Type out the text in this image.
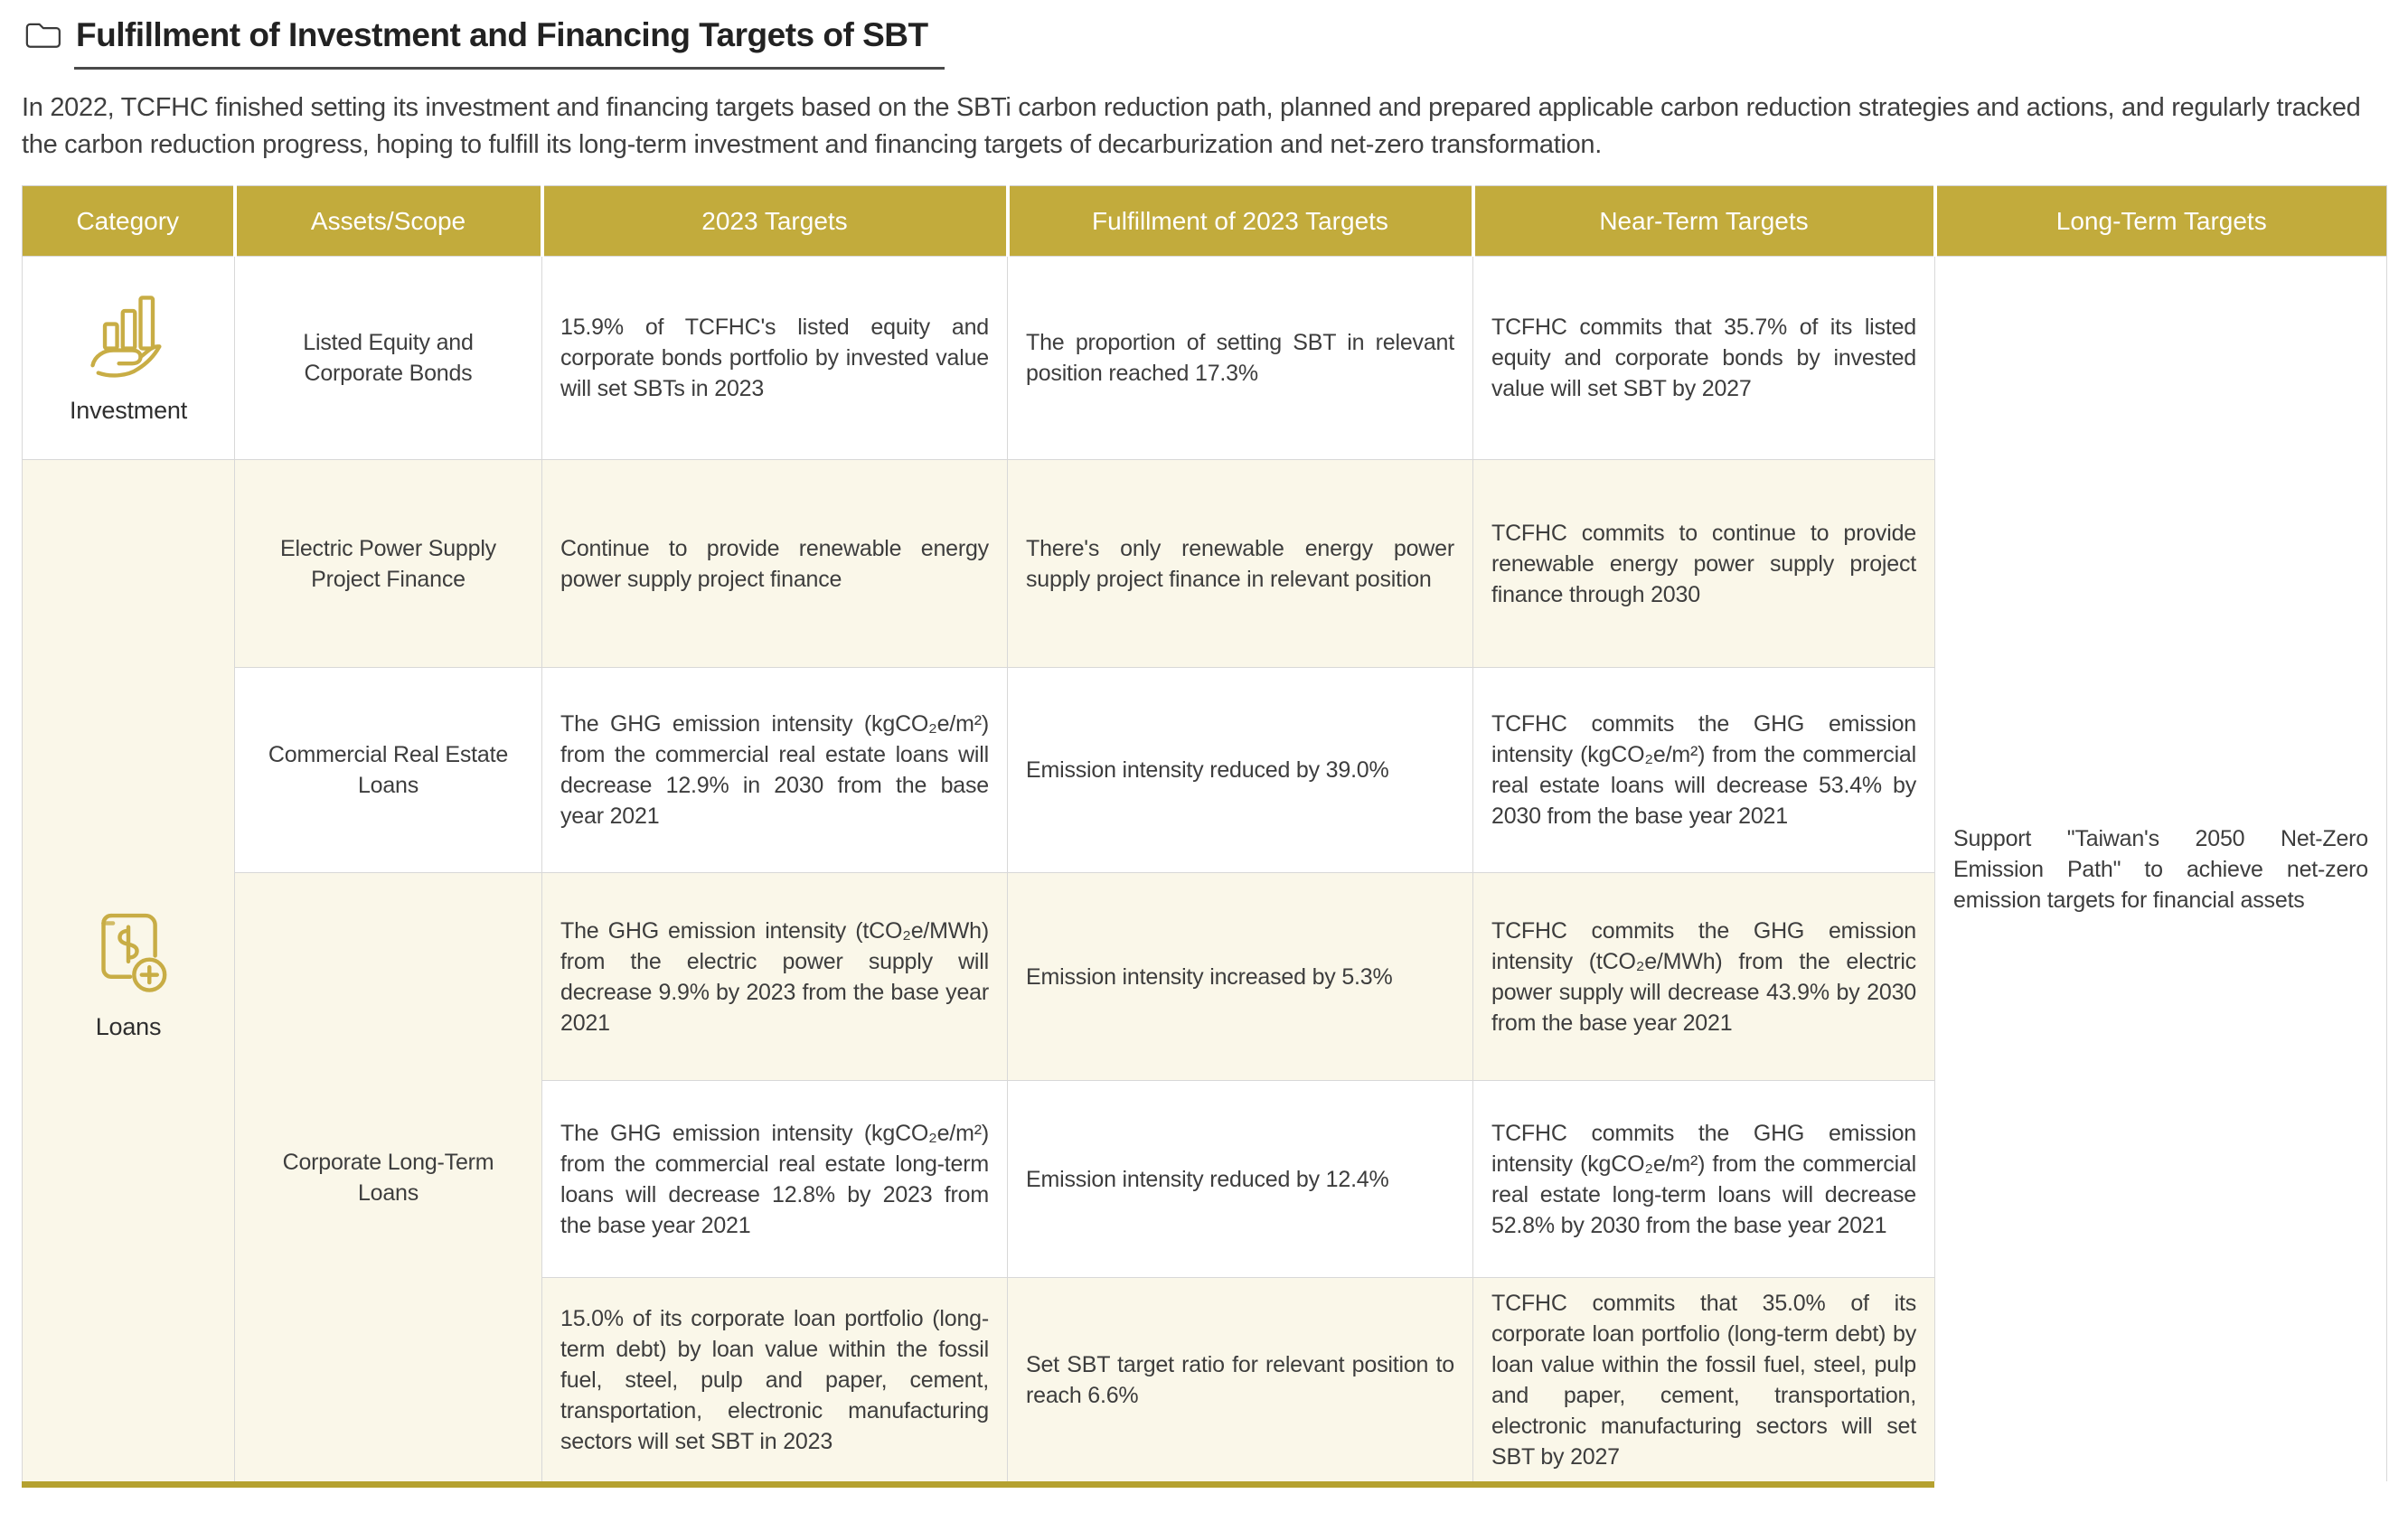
Fulfillment of Investment and Financing Targets of SBT

In 2022, TCFHC finished setting its investment and financing targets based on the SBTi carbon reduction path, planned and prepared applicable carbon reduction strategies and actions, and regularly tracked the carbon reduction progress, hoping to fulfill its long-term investment and financing targets of decarburization and net-zero transformation.

Category	Assets/Scope	2023 Targets	Fulfillment of 2023 Targets	Near-Term Targets	Long-Term Targets

Investment	Listed Equity and Corporate Bonds	15.9% of TCFHC's listed equity and corporate bonds portfolio by invested value will set SBTs in 2023	The proportion of setting SBT in relevant position reached 17.3%	TCFHC commits that 35.7% of its listed equity and corporate bonds by invested value will set SBT by 2027	Support "Taiwan's 2050 Net-Zero Emission Path" to achieve net-zero emission targets for financial assets

Loans	Electric Power Supply Project Finance	Continue to provide renewable energy power supply project finance	There's only renewable energy power supply project finance in relevant position	TCFHC commits to continue to provide renewable energy power supply project finance through 2030	
	Commercial Real Estate Loans	The GHG emission intensity (kgCO₂e/m²) from the commercial real estate loans will decrease 12.9% in 2030 from the base year 2021	Emission intensity reduced by 39.0%	TCFHC commits the GHG emission intensity (kgCO₂e/m²) from the commercial real estate loans will decrease 53.4% by 2030 from the base year 2021	
	Corporate Long-Term Loans	The GHG emission intensity (tCO₂e/MWh) from the electric power supply will decrease 9.9% by 2023 from the base year 2021	Emission intensity increased by 5.3%	TCFHC commits the GHG emission intensity (tCO₂e/MWh) from the electric power supply will decrease 43.9% by 2030 from the base year 2021	
		The GHG emission intensity (kgCO₂e/m²) from the commercial real estate long-term loans will decrease 12.8% by 2023 from the base year 2021	Emission intensity reduced by 12.4%	TCFHC commits the GHG emission intensity (kgCO₂e/m²) from the commercial real estate long-term loans will decrease 52.8% by 2030 from the base year 2021	
		15.0% of its corporate loan portfolio (long-term debt) by loan value within the fossil fuel, steel, pulp and paper, cement, transportation, electronic manufacturing sectors will set SBT in 2023	Set SBT target ratio for relevant position to reach 6.6%	TCFHC commits that 35.0% of its corporate loan portfolio (long-term debt) by loan value within the fossil fuel, steel, pulp and paper, cement, transportation, electronic manufacturing sectors will set SBT by 2027	
